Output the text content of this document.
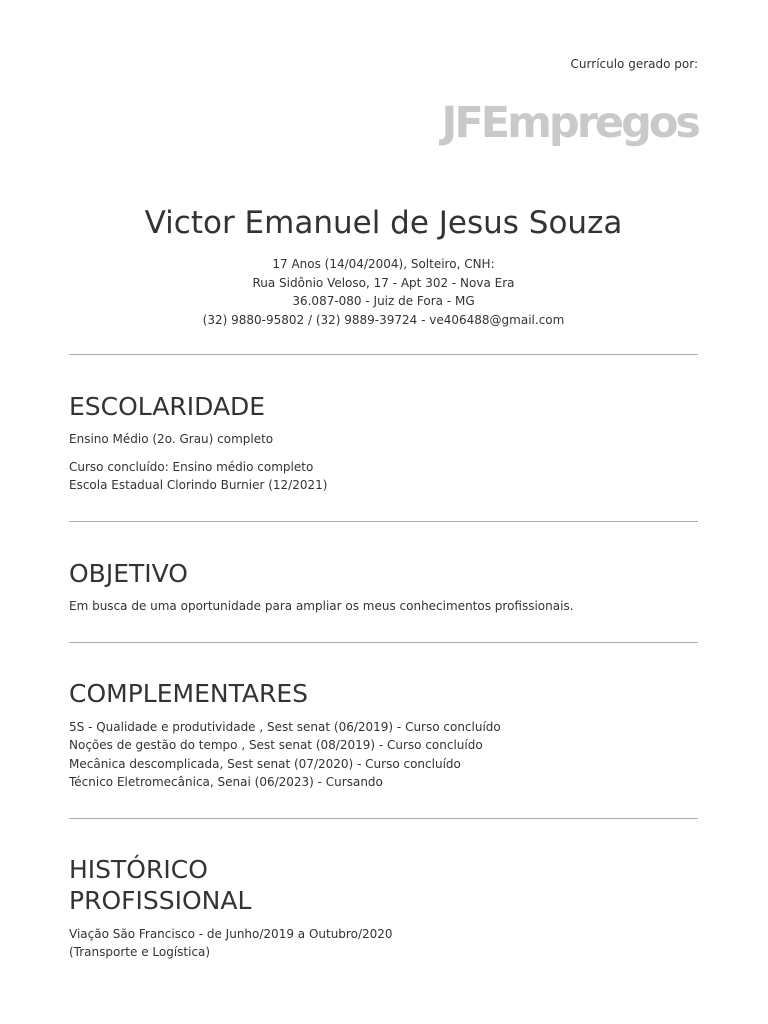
Currículo gerado por:
JFEmpregos
Victor Emanuel de Jesus Souza
17 Anos (14/04/2004), Solteiro, CNH:
Rua Sidônio Veloso, 17 - Apt 302 - Nova Era
36.087-080 - Juiz de Fora - MG
(32) 9880-95802 / (32) 9889-39724 - ve406488@gmail.com
ESCOLARIDADE
Ensino Médio (2o. Grau) completo
Curso concluído: Ensino médio completo
Escola Estadual Clorindo Burnier (12/2021)
OBJETIVO
Em busca de uma oportunidade para ampliar os meus conhecimentos profissionais.
COMPLEMENTARES
5S - Qualidade e produtividade , Sest senat (06/2019) - Curso concluído
Noções de gestão do tempo , Sest senat (08/2019) - Curso concluído
Mecânica descomplicada, Sest senat (07/2020) - Curso concluído
Técnico Eletromecânica, Senai (06/2023) - Cursando
HISTÓRICO
PROFISSIONAL
Viação São Francisco - de Junho/2019 a Outubro/2020
(Transporte e Logística)
